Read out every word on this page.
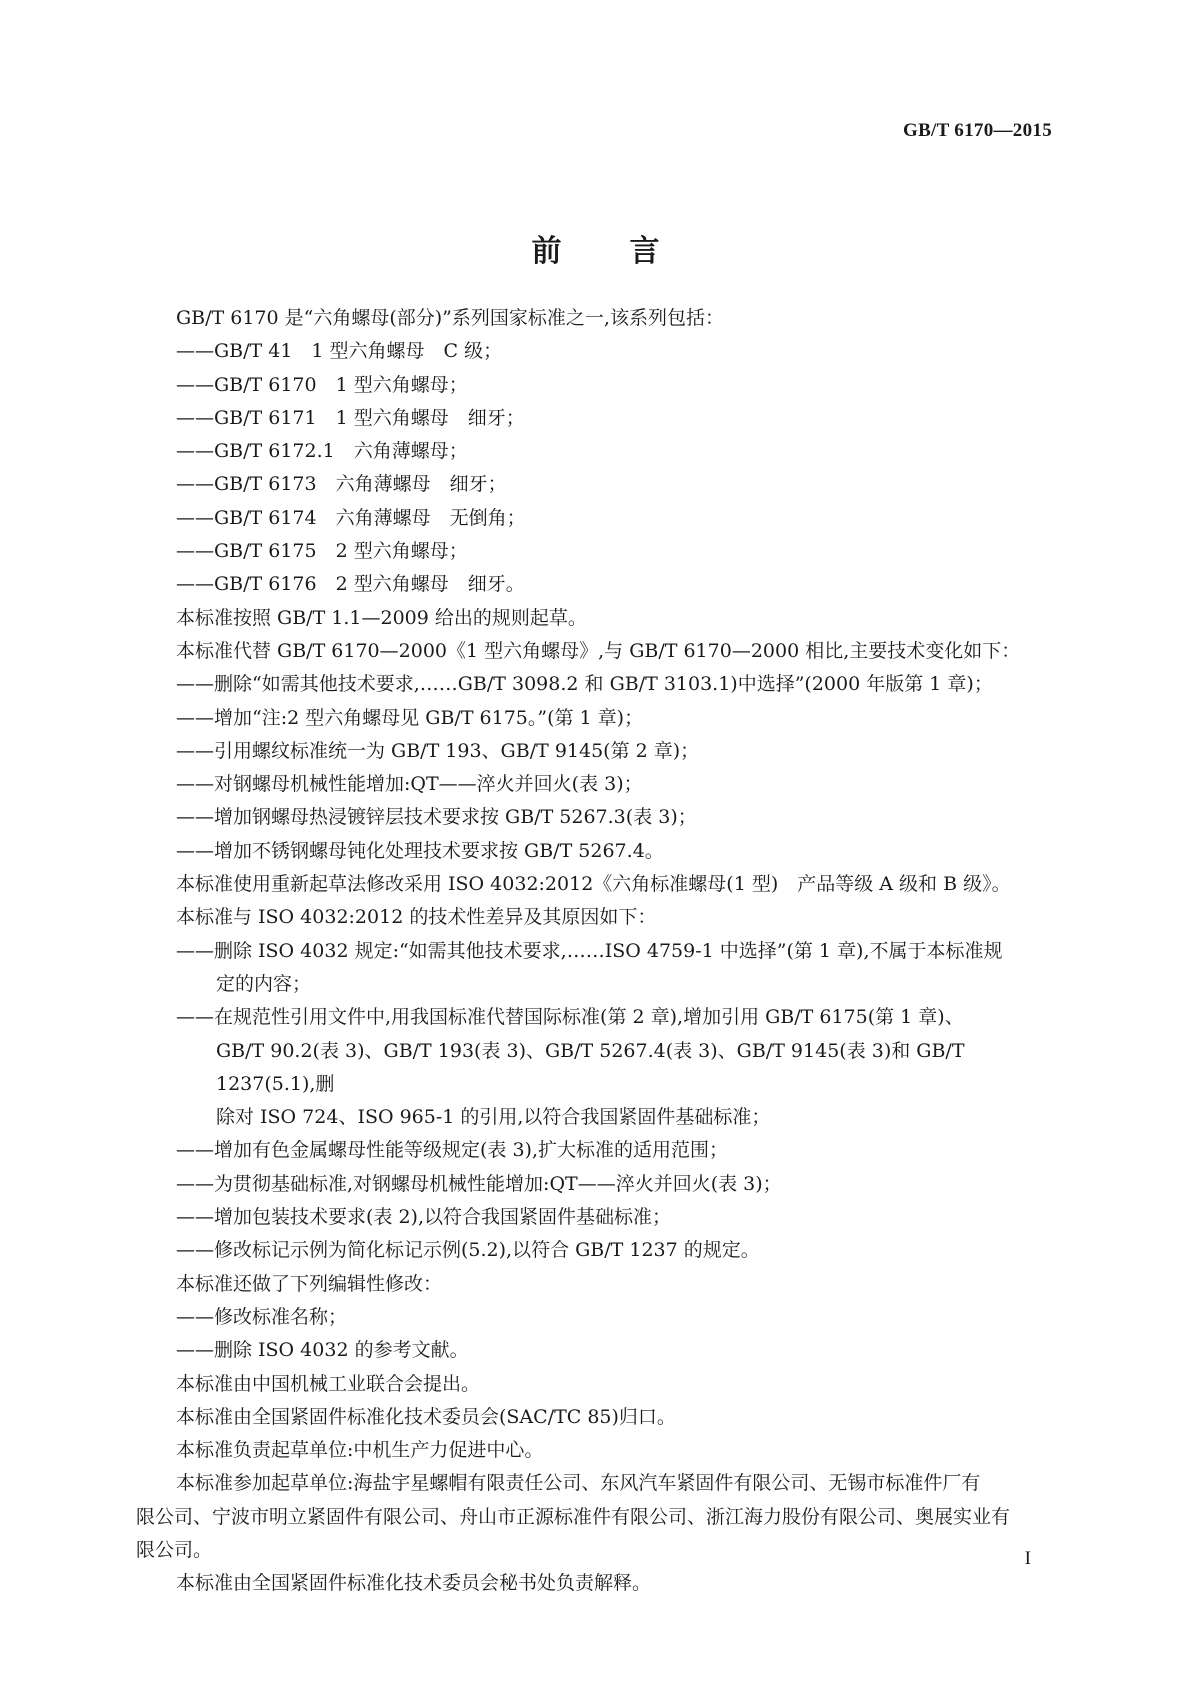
GB/T 6170—2015
前 言
GB/T 6170 是“六角螺母(部分)”系列国家标准之一,该系列包括：
——GB/T 41　1 型六角螺母　C 级；
——GB/T 6170　1 型六角螺母；
——GB/T 6171　1 型六角螺母　细牙；
——GB/T 6172.1　六角薄螺母；
——GB/T 6173　六角薄螺母　细牙；
——GB/T 6174　六角薄螺母　无倒角；
——GB/T 6175　2 型六角螺母；
——GB/T 6176　2 型六角螺母　细牙。
本标准按照 GB/T 1.1—2009 给出的规则起草。
本标准代替 GB/T 6170—2000《1 型六角螺母》,与 GB/T 6170—2000 相比,主要技术变化如下：
——删除“如需其他技术要求,……GB/T 3098.2 和 GB/T 3103.1)中选择”(2000 年版第 1 章)；
——增加“注:2 型六角螺母见 GB/T 6175。”(第 1 章)；
——引用螺纹标准统一为 GB/T 193、GB/T 9145(第 2 章)；
——对钢螺母机械性能增加:QT——淬火并回火(表 3)；
——增加钢螺母热浸镀锌层技术要求按 GB/T 5267.3(表 3)；
——增加不锈钢螺母钝化处理技术要求按 GB/T 5267.4。
本标准使用重新起草法修改采用 ISO 4032:2012《六角标准螺母(1 型)　产品等级 A 级和 B 级》。
本标准与 ISO 4032:2012 的技术性差异及其原因如下：
——删除 ISO 4032 规定:“如需其他技术要求,……ISO 4759-1 中选择”(第 1 章),不属于本标准规
定的内容；
——在规范性引用文件中,用我国标准代替国际标准(第 2 章),增加引用 GB/T 6175(第 1 章)、
GB/T 90.2(表 3)、GB/T 193(表 3)、GB/T 5267.4(表 3)、GB/T 9145(表 3)和 GB/T 1237(5.1),删
除对 ISO 724、ISO 965-1 的引用,以符合我国紧固件基础标准；
——增加有色金属螺母性能等级规定(表 3),扩大标准的适用范围；
——为贯彻基础标准,对钢螺母机械性能增加:QT——淬火并回火(表 3)；
——增加包装技术要求(表 2),以符合我国紧固件基础标准；
——修改标记示例为简化标记示例(5.2),以符合 GB/T 1237 的规定。
本标准还做了下列编辑性修改：
——修改标准名称；
——删除 ISO 4032 的参考文献。
本标准由中国机械工业联合会提出。
本标准由全国紧固件标准化技术委员会(SAC/TC 85)归口。
本标准负责起草单位:中机生产力促进中心。
本标准参加起草单位:海盐宇星螺帽有限责任公司、东风汽车紧固件有限公司、无锡市标准件厂有
限公司、宁波市明立紧固件有限公司、舟山市正源标准件有限公司、浙江海力股份有限公司、奥展实业有
限公司。
本标准由全国紧固件标准化技术委员会秘书处负责解释。
I
